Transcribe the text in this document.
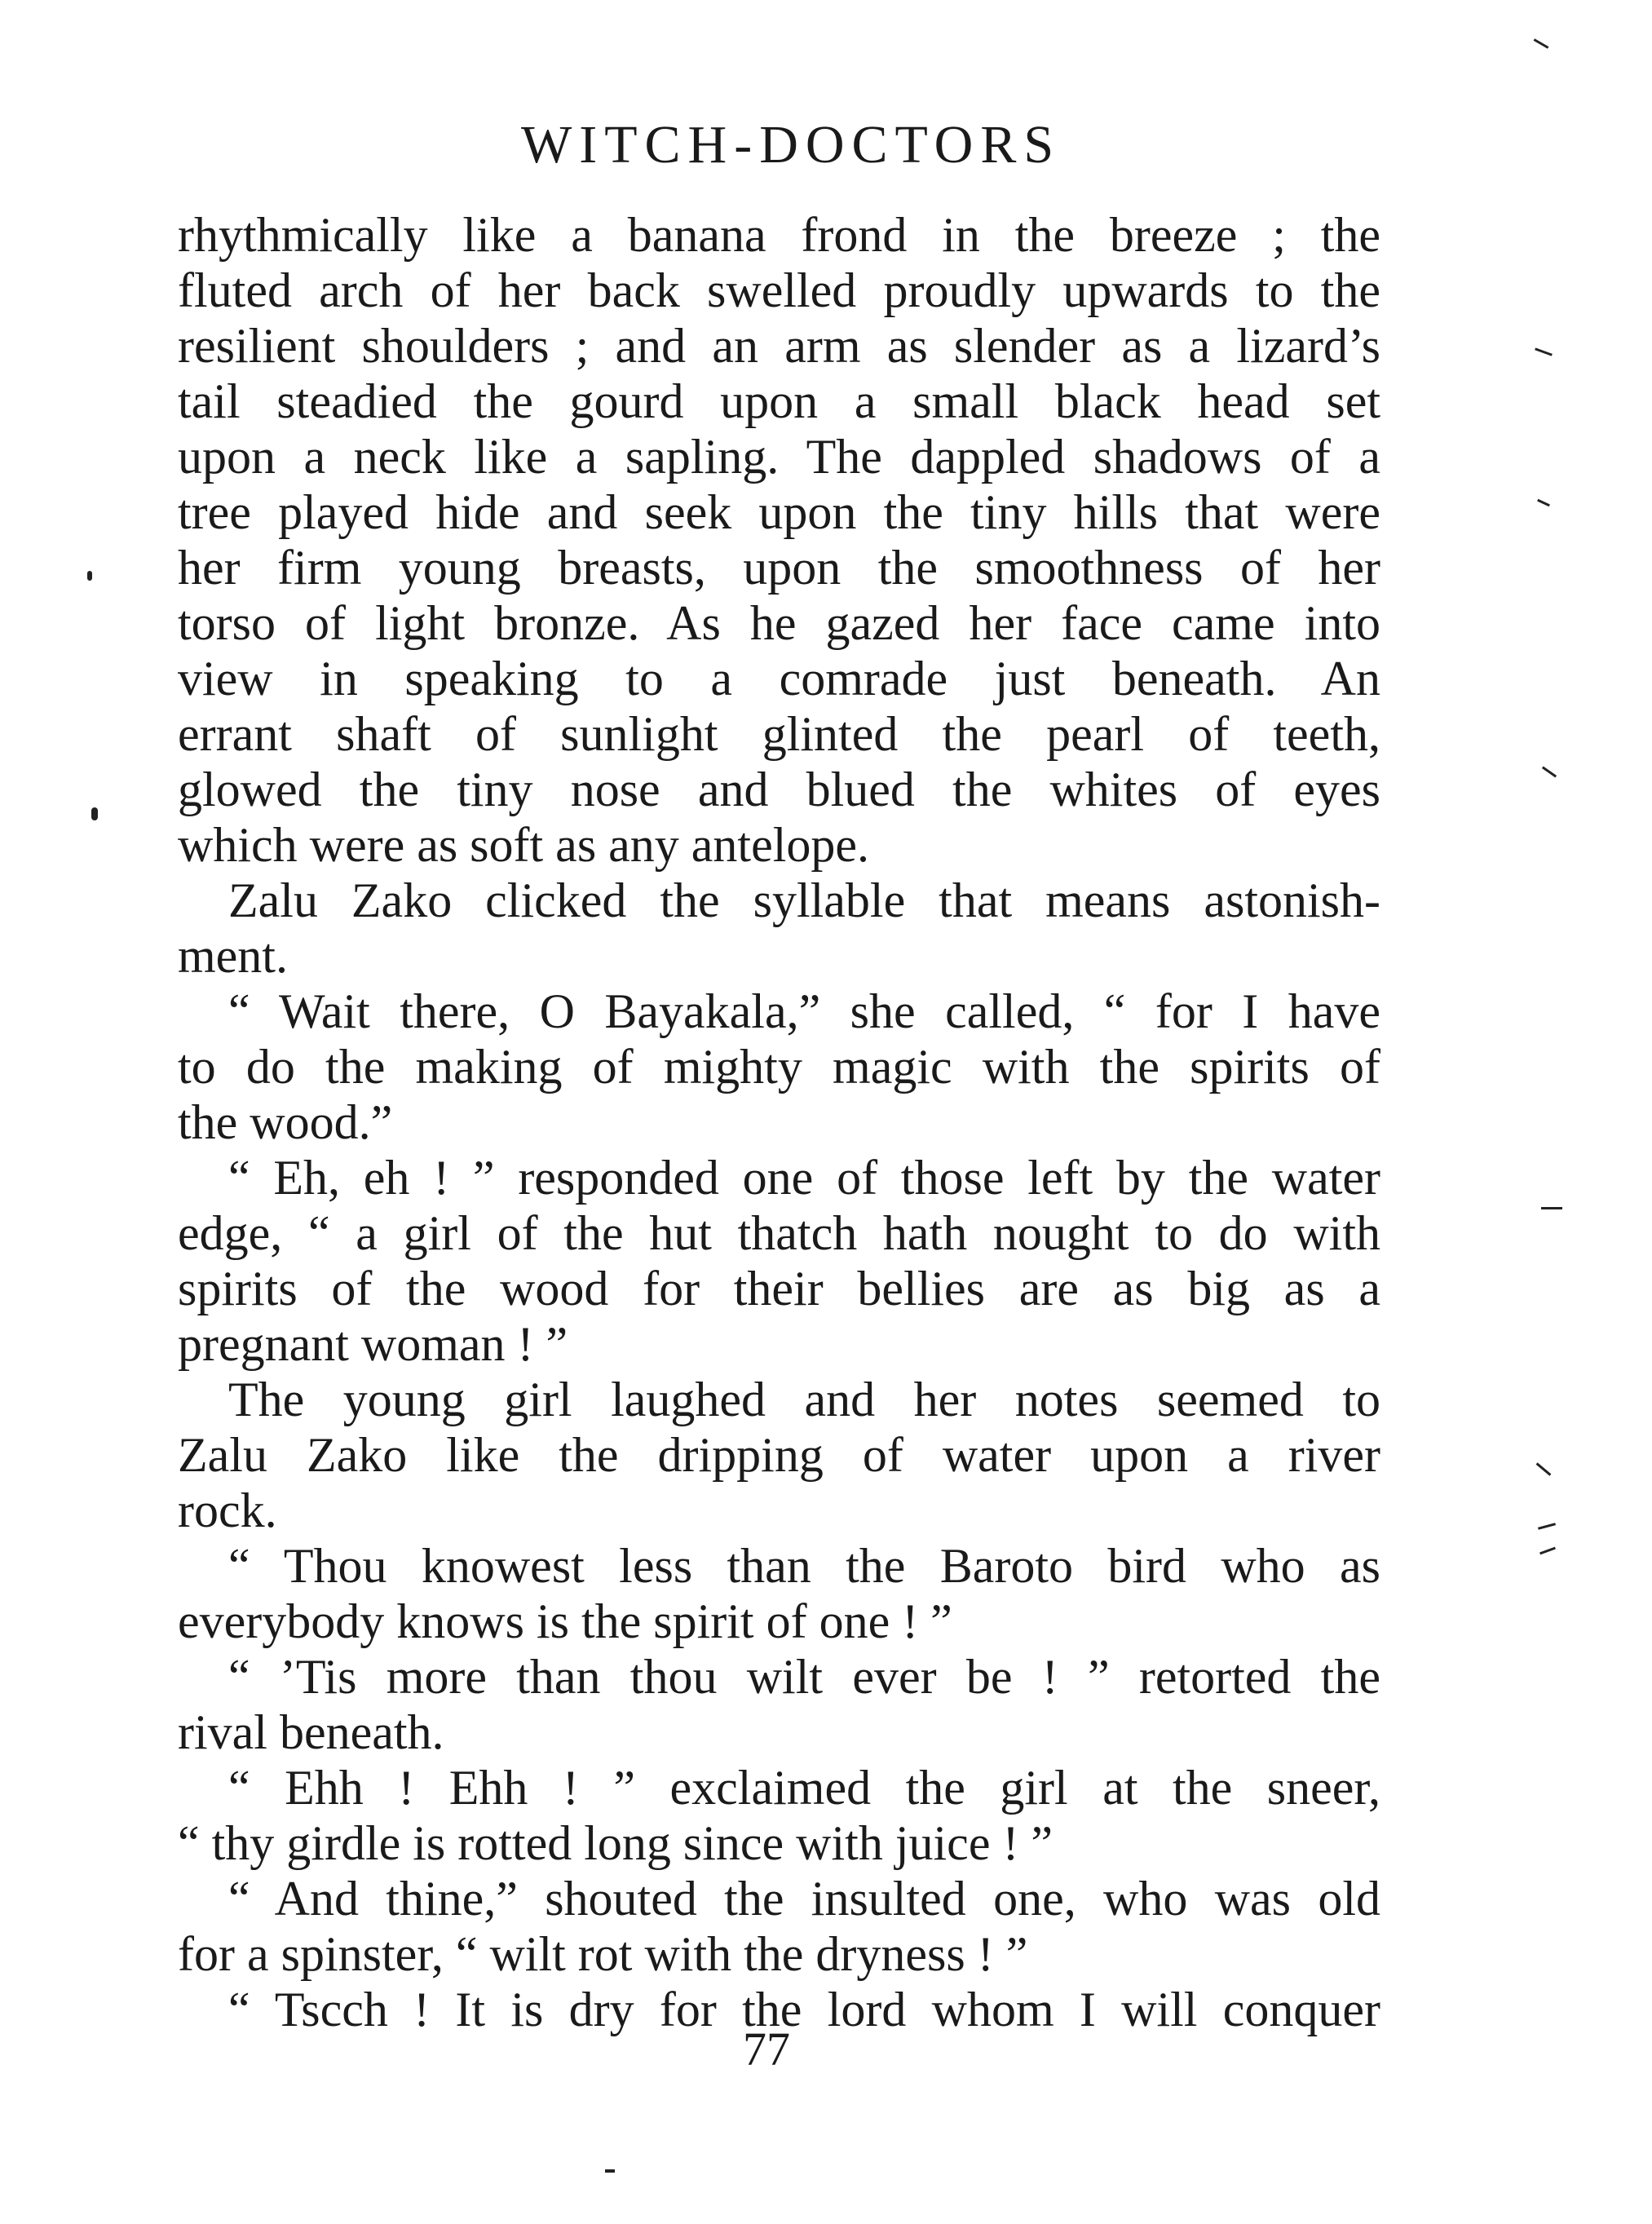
WITCH-DOCTORS
rhythmically like a banana frond in the breeze ; the
fluted arch of her back swelled proudly upwards to the
resilient shoulders ; and an arm as slender as a lizard’s
tail steadied the gourd upon a small black head set
upon a neck like a sapling. The dappled shadows of a
tree played hide and seek upon the tiny hills that were
her firm young breasts, upon the smoothness of her
torso of light bronze. As he gazed her face came into
view in speaking to a comrade just beneath. An
errant shaft of sunlight glinted the pearl of teeth,
glowed the tiny nose and blued the whites of eyes
which were as soft as any antelope.
Zalu Zako clicked the syllable that means astonish-
ment.
“ Wait there, O Bayakala,” she called, “ for I have
to do the making of mighty magic with the spirits of
the wood.”
“ Eh, eh ! ” responded one of those left by the water
edge, “ a girl of the hut thatch hath nought to do with
spirits of the wood for their bellies are as big as a
pregnant woman ! ”
The young girl laughed and her notes seemed to
Zalu Zako like the dripping of water upon a river
rock.
“ Thou knowest less than the Baroto bird who as
everybody knows is the spirit of one ! ”
“ ’Tis more than thou wilt ever be ! ” retorted the
rival beneath.
“ Ehh ! Ehh ! ” exclaimed the girl at the sneer,
“ thy girdle is rotted long since with juice ! ”
“ And thine,” shouted the insulted one, who was old
for a spinster, “ wilt rot with the dryness ! ”
“ Tscch ! It is dry for the lord whom I will conquer
77
